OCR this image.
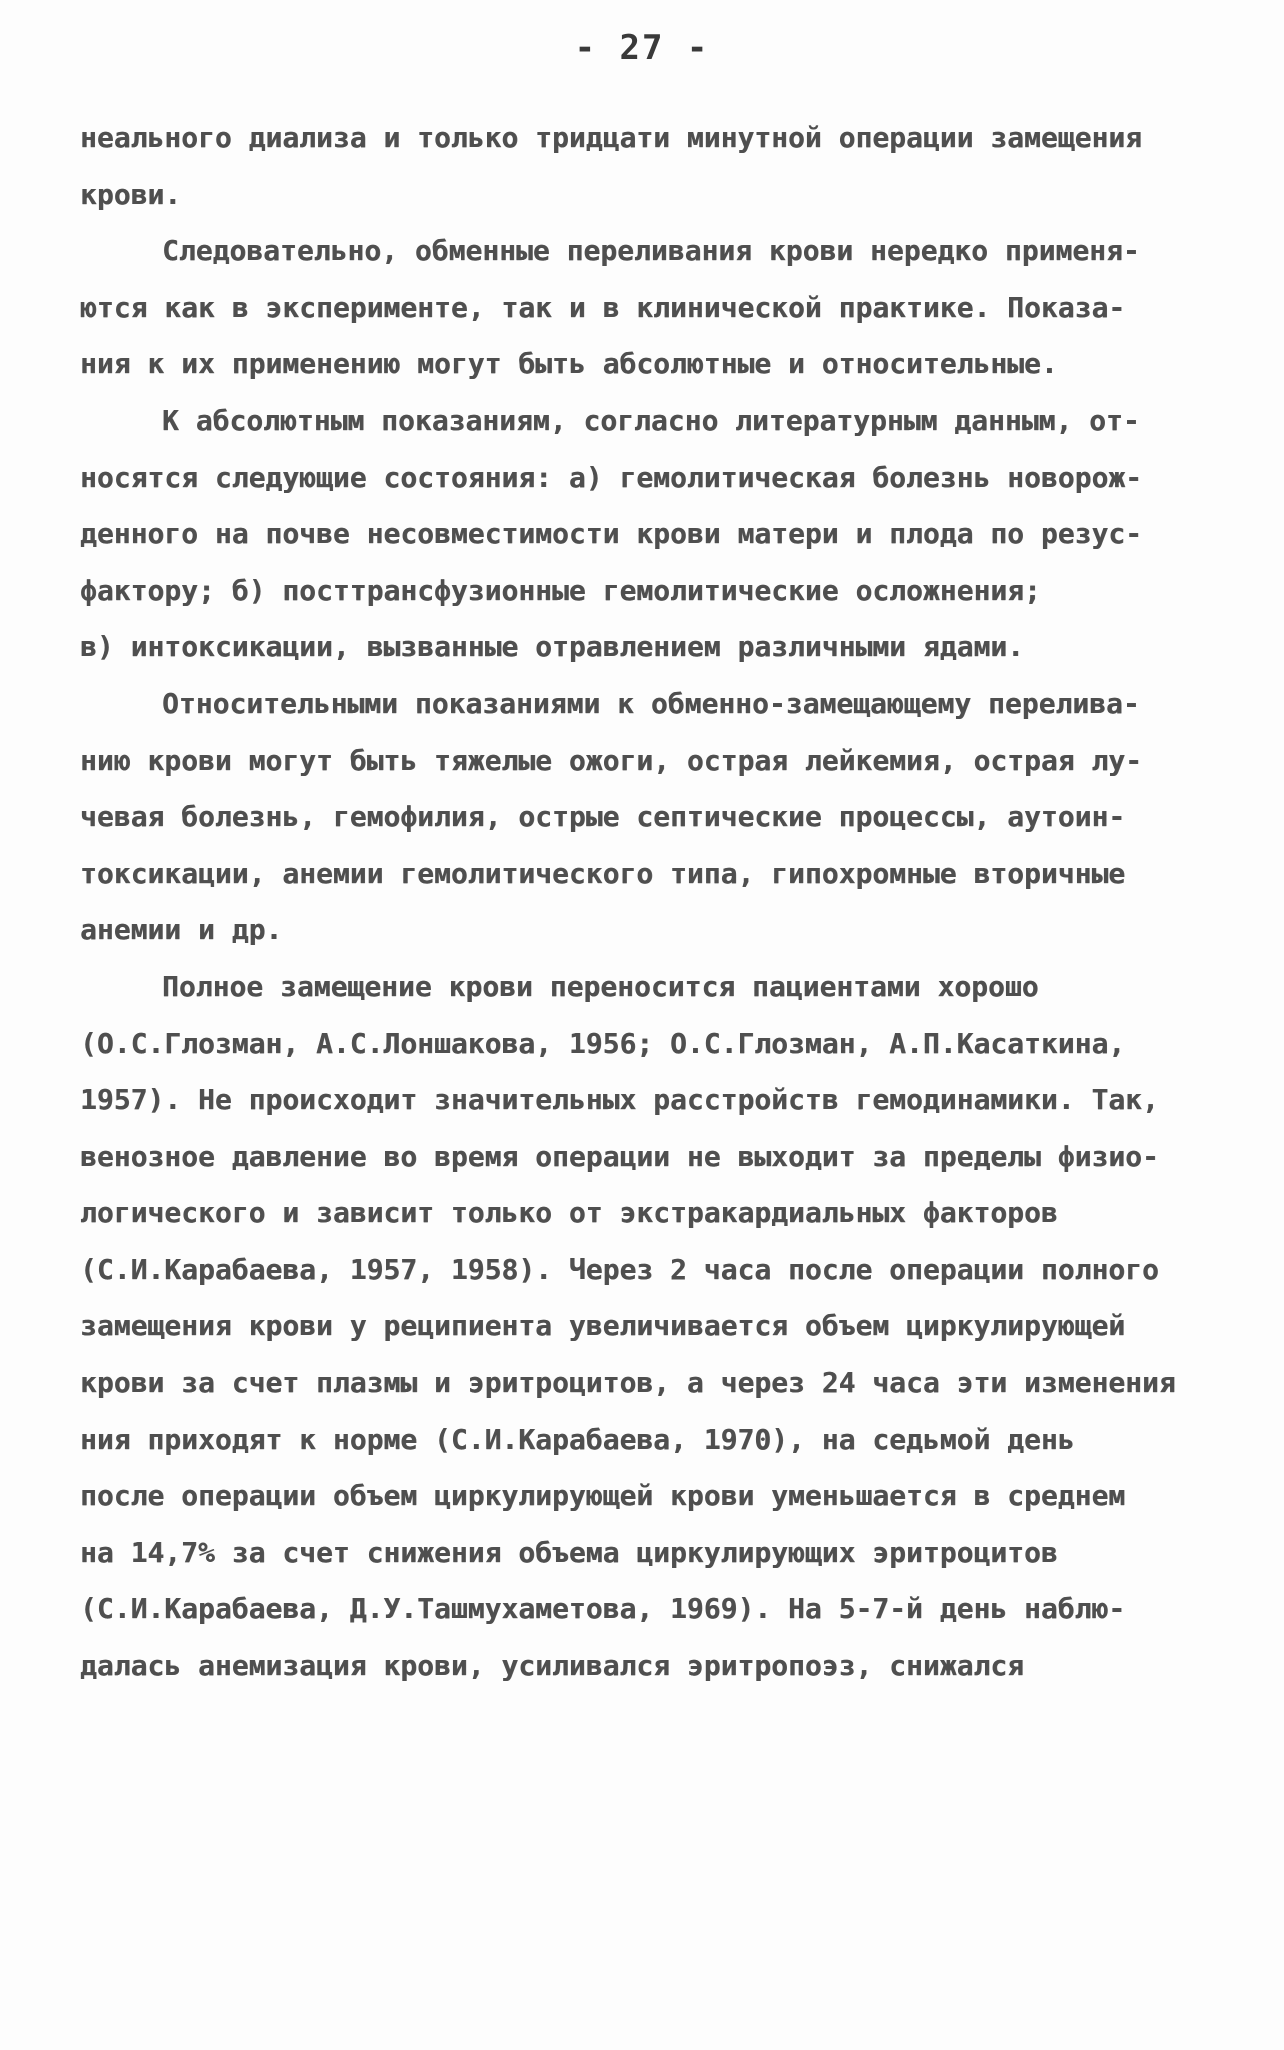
- 27 -
неального диализа и только тридцати минутной операции замещения
крови.
Следовательно, обменные переливания крови нередко применя-
ются как в эксперименте, так и в клинической практике. Показа-
ния к их применению могут быть абсолютные и относительные.
К абсолютным показаниям, согласно литературным данным, от-
носятся следующие состояния: а) гемолитическая болезнь новорож-
денного на почве несовместимости крови матери и плода по резус-
фактору; б) посттрансфузионные гемолитические осложнения;
в) интоксикации, вызванные отравлением различными ядами.
Относительными показаниями к обменно-замещающему перелива-
нию крови могут быть тяжелые ожоги, острая лейкемия, острая лу-
чевая болезнь, гемофилия, острые септические процессы, аутоин-
токсикации, анемии гемолитического типа, гипохромные вторичные
анемии и др.
Полное замещение крови переносится пациентами хорошо
(О.С.Глозман, А.С.Лоншакова, 1956; О.С.Глозман, А.П.Касаткина,
1957). Не происходит значительных расстройств гемодинамики. Так,
венозное давление во время операции не выходит за пределы физио-
логического и зависит только от экстракардиальных факторов
(С.И.Карабаева, 1957, 1958). Через 2 часа после операции полного
замещения крови у реципиента увеличивается объем циркулирующей
крови за счет плазмы и эритроцитов, а через 24 часа эти изменения
ния приходят к норме (С.И.Карабаева, 1970), на седьмой день
после операции объем циркулирующей крови уменьшается в среднем
на 14,7% за счет снижения объема циркулирующих эритроцитов
(С.И.Карабаева, Д.У.Ташмухаметова, 1969). На 5-7-й день наблю-
далась анемизация крови, усиливался эритропоэз, снижался
